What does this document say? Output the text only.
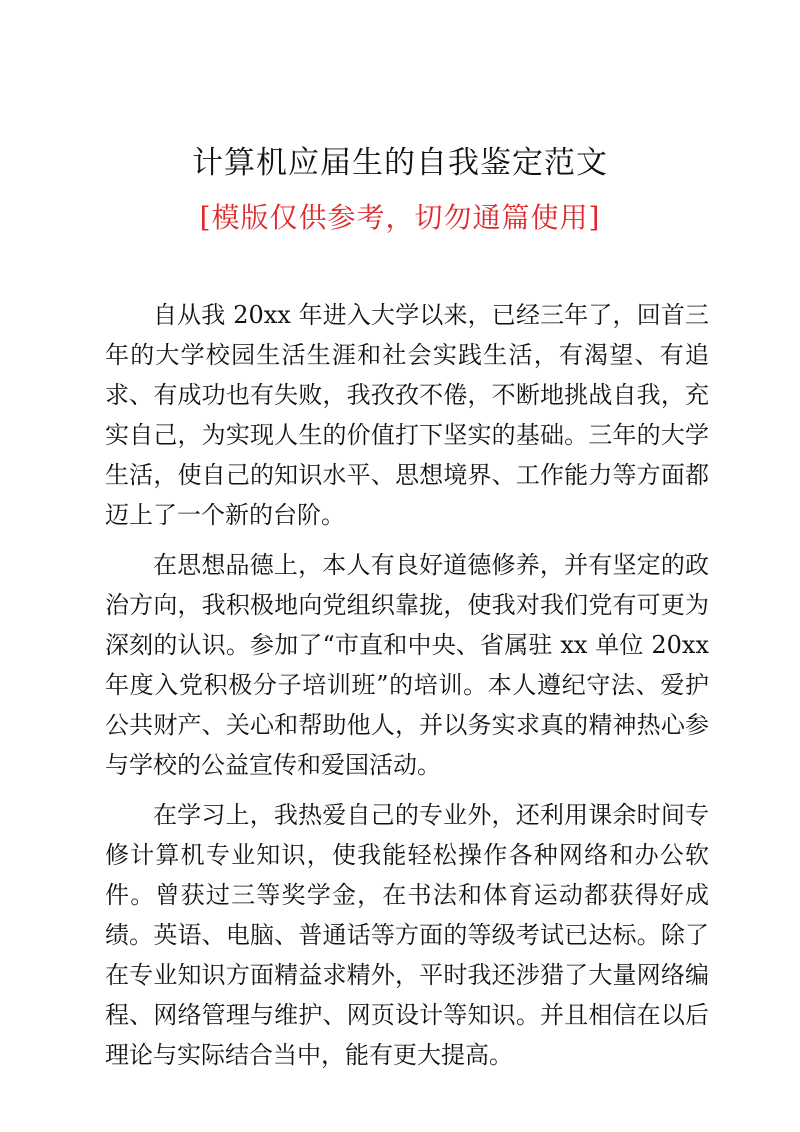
计算机应届生的自我鉴定范文
[模版仅供参考，切勿通篇使用]

自从我 20xx 年进入大学以来，已经三年了，回首三年的大学校园生活生涯和社会实践生活，有渴望、有追求、有成功也有失败，我孜孜不倦，不断地挑战自我，充实自己，为实现人生的价值打下坚实的基础。三年的大学生活，使自己的知识水平、思想境界、工作能力等方面都迈上了一个新的台阶。

在思想品德上，本人有良好道德修养，并有坚定的政治方向，我积极地向党组织靠拢，使我对我们党有可更为深刻的认识。参加了“市直和中央、省属驻 xx 单位 20xx 年度入党积极分子培训班”的培训。本人遵纪守法、爱护公共财产、关心和帮助他人，并以务实求真的精神热心参与学校的公益宣传和爱国活动。

在学习上，我热爱自己的专业外，还利用课余时间专修计算机专业知识，使我能轻松操作各种网络和办公软件。曾获过三等奖学金，在书法和体育运动都获得好成绩。英语、电脑、普通话等方面的等级考试已达标。除了在专业知识方面精益求精外，平时我还涉猎了大量网络编程、网络管理与维护、网页设计等知识。并且相信在以后理论与实际结合当中，能有更大提高。
